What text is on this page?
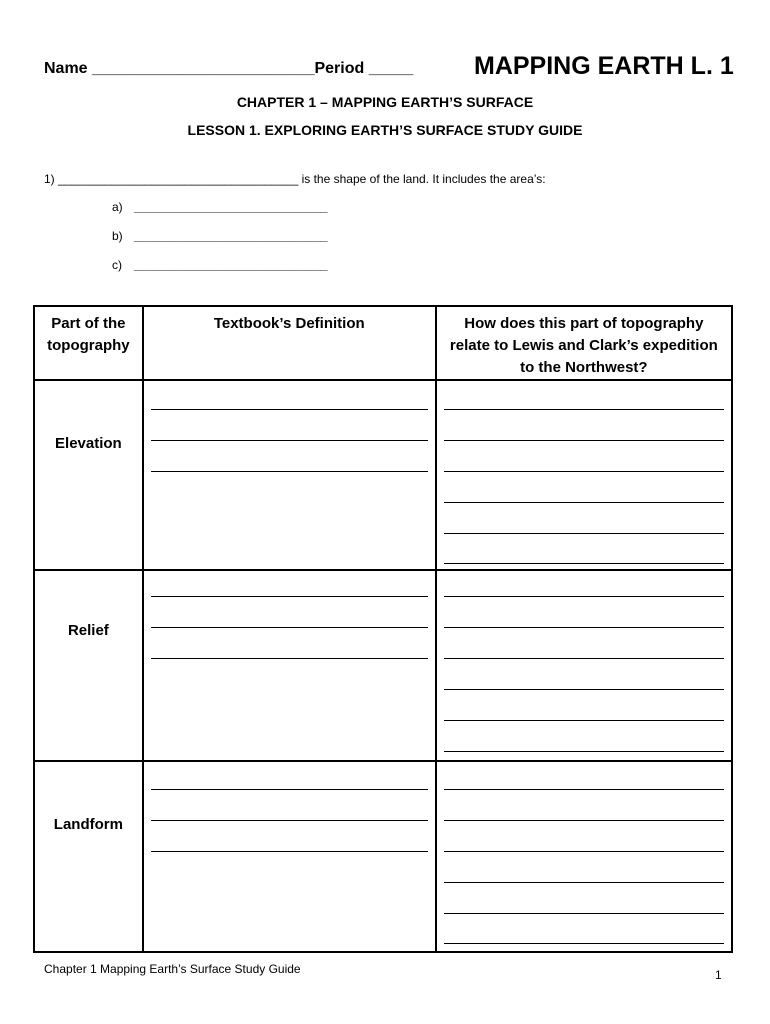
Name _________________________Period _____ MAPPING EARTH L. 1
CHAPTER 1 – MAPPING EARTH’S SURFACE
LESSON 1. EXPLORING EARTH’S SURFACE STUDY GUIDE
1) ____________________________________ is the shape of the land. It includes the area’s:
a) _____________________________
b) _____________________________
c) _____________________________
Part of the topography	Textbook’s Definition	How does this part of topography relate to Lewis and Clark’s expedition to the Northwest?

Elevation		

Relief		

Landform		

Chapter 1 Mapping Earth’s Surface Study Guide	1
